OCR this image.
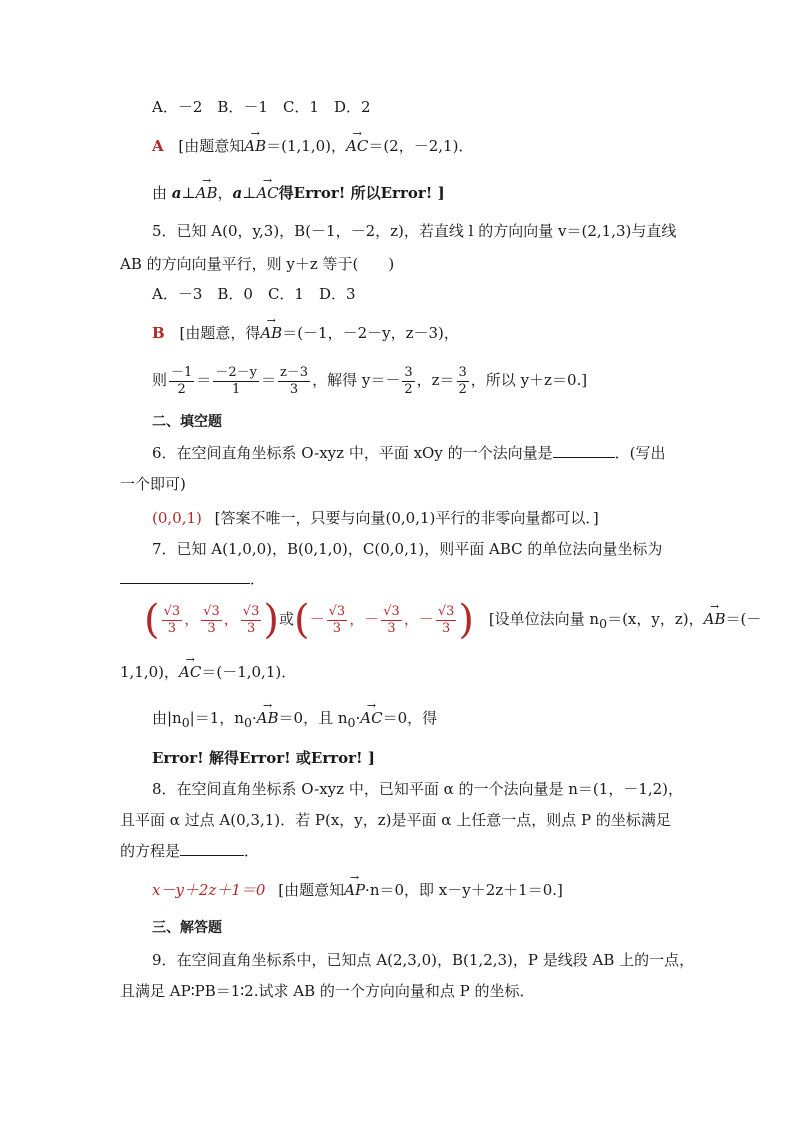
A．－2　B．－1　C．1　D．2
A [由题意知→ AB＝(1,1,0)，→ AC＝(2，－2,1)．
由 a⊥→ AB，a⊥→ AC得Error! 所以Error! ]
5．已知 A(0，y,3)，B(－1，－2，z)，若直线 l 的方向向量 v＝(2,1,3)与直线
AB 的方向向量平行，则 y＋z 等于(　　)
A．－3　B．0　C．1　D．3
B [由题意，得→ AB＝(－1，－2－y，z－3)，
则 $\frac{-1}{2} = \frac{-2-y}{1} = \frac{z-3}{3}$ ，解得 $y=- \frac{3}{2}$ ，$z= \frac{3}{2}$ ，所以 y＋z＝0.]
二、填空题
6．在空间直角坐标系 O-xyz 中，平面 xOy 的一个法向量是	．(写出
一个即可)
(0,0,1) [答案不唯一，只要与向量(0,0,1)平行的非零向量都可以．]
7．已知 A(1,0,0)，B(0,1,0)，C(0,0,1)，则平面 ABC 的单位法向量坐标为
．
( $\frac{√3}{3}$ ， $\frac{√3}{3}$ ， $\frac{√3}{3}$ )或(－ $\frac{√3}{3}$ ，－ $\frac{√3}{3}$ ，－ $\frac{√3}{3}$ ) [设单位法向量 $n_0=(x$，y，z)，→ AB＝(－
1,1,0)，→ AC＝(－1,0,1)．
由$|n_0|=1$，$n_0\cdot\to AB=0$，且 $n_0\cdot\to AC=0$，得
Error! 解得Error! 或Error! ]
8．在空间直角坐标系 O-xyz 中，已知平面 α 的一个法向量是 n＝(1，－1,2)，
且平面 α 过点 A(0,3,1)．若 P(x，y，z)是平面 α 上任意一点，则点 P 的坐标满足
的方程是	．
x－y＋2z＋1＝0 [由题意知→ AP·n＝0，即 x－y＋2z＋1＝0.]
三、解答题
9．在空间直角坐标系中，已知点 A(2,3,0)，B(1,2,3)，P 是线段 AB 上的一点，
且满足 AP∶PB＝1∶2.试求 AB 的一个方向向量和点 P 的坐标．
